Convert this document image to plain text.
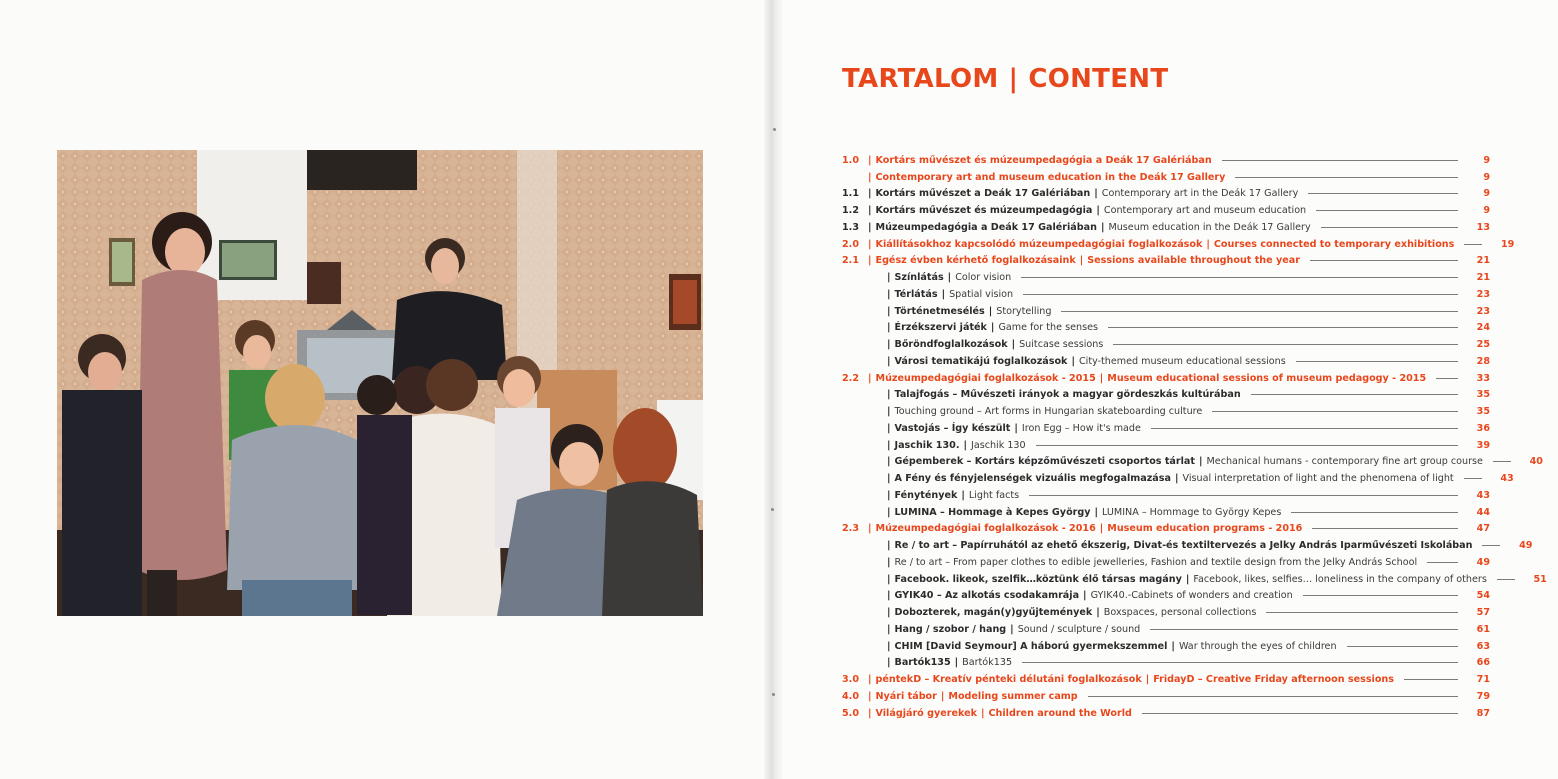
TARTALOM | CONTENT
1.0 | Kortárs művészet és múzeumpedagógia a Deák 17 Galériában	9
| Contemporary art and museum education in the Deák 17 Gallery	9
1.1 | Kortárs művészet a Deák 17 Galériában | Contemporary art in the Deák 17 Gallery	9
1.2 | Kortárs művészet és múzeumpedagógia | Contemporary art and museum education	9
1.3 | Múzeumpedagógia a Deák 17 Galériában | Museum education in the Deák 17 Gallery	13
2.0 | Kiállításokhoz kapcsolódó múzeumpedagógiai foglalkozások | Courses connected to temporary exhibitions	19
2.1 | Egész évben kérhető foglalkozásaink | Sessions available throughout the year	21
| Színlátás | Color vision	21
| Térlátás | Spatial vision	23
| Történetmesélés | Storytelling	23
| Érzékszervi játék | Game for the senses	24
| Bőröndfoglalkozások | Suitcase sessions	25
| Városi tematikájú foglalkozások | City-themed museum educational sessions	28
2.2 | Múzeumpedagógiai foglalkozások - 2015 | Museum educational sessions of museum pedagogy - 2015	33
| Talajfogás – Művészeti irányok a magyar gördeszkás kultúrában	35
| Touching ground – Art forms in Hungarian skateboarding culture	35
| Vastojás – Így készült | Iron Egg – How it's made	36
| Jaschik 130. | Jaschik 130	39
| Gépemberek – Kortárs képzőművészeti csoportos tárlat | Mechanical humans - contemporary fine art group course	40
| A Fény és fényjelenségek vizuális megfogalmazása | Visual interpretation of light and the phenomena of light	43
| Fénytények | Light facts	43
| LUMINA – Hommage à Kepes György | LUMINA – Hommage to György Kepes	44
2.3 | Múzeumpedagógiai foglalkozások - 2016 | Museum education programs - 2016	47
| Re / to art – Papírruhától az ehető ékszerig, Divat-és textiltervezés a Jelky András Iparművészeti Iskolában	49
| Re / to art – From paper clothes to edible jewelleries, Fashion and textile design from the Jelky András School	49
| Facebook. likeok, szelfik…köztünk élő társas magány | Facebook, likes, selfies… loneliness in the company of others	51
| GYIK40 – Az alkotás csodakamrája | GYIK40.-Cabinets of wonders and creation	54
| Dobozterek, magán(y)gyűjtemények | Boxspaces, personal collections	57
| Hang / szobor / hang | Sound / sculpture / sound	61
| CHIM [David Seymour] A háború gyermekszemmel | War through the eyes of children	63
| Bartók135 | Bartók135	66
3.0 | péntekD – Kreatív pénteki délutáni foglalkozások | FridayD – Creative Friday afternoon sessions	71
4.0 | Nyári tábor | Modeling summer camp	79
5.0 | Világjáró gyerekek | Children around the World	87
